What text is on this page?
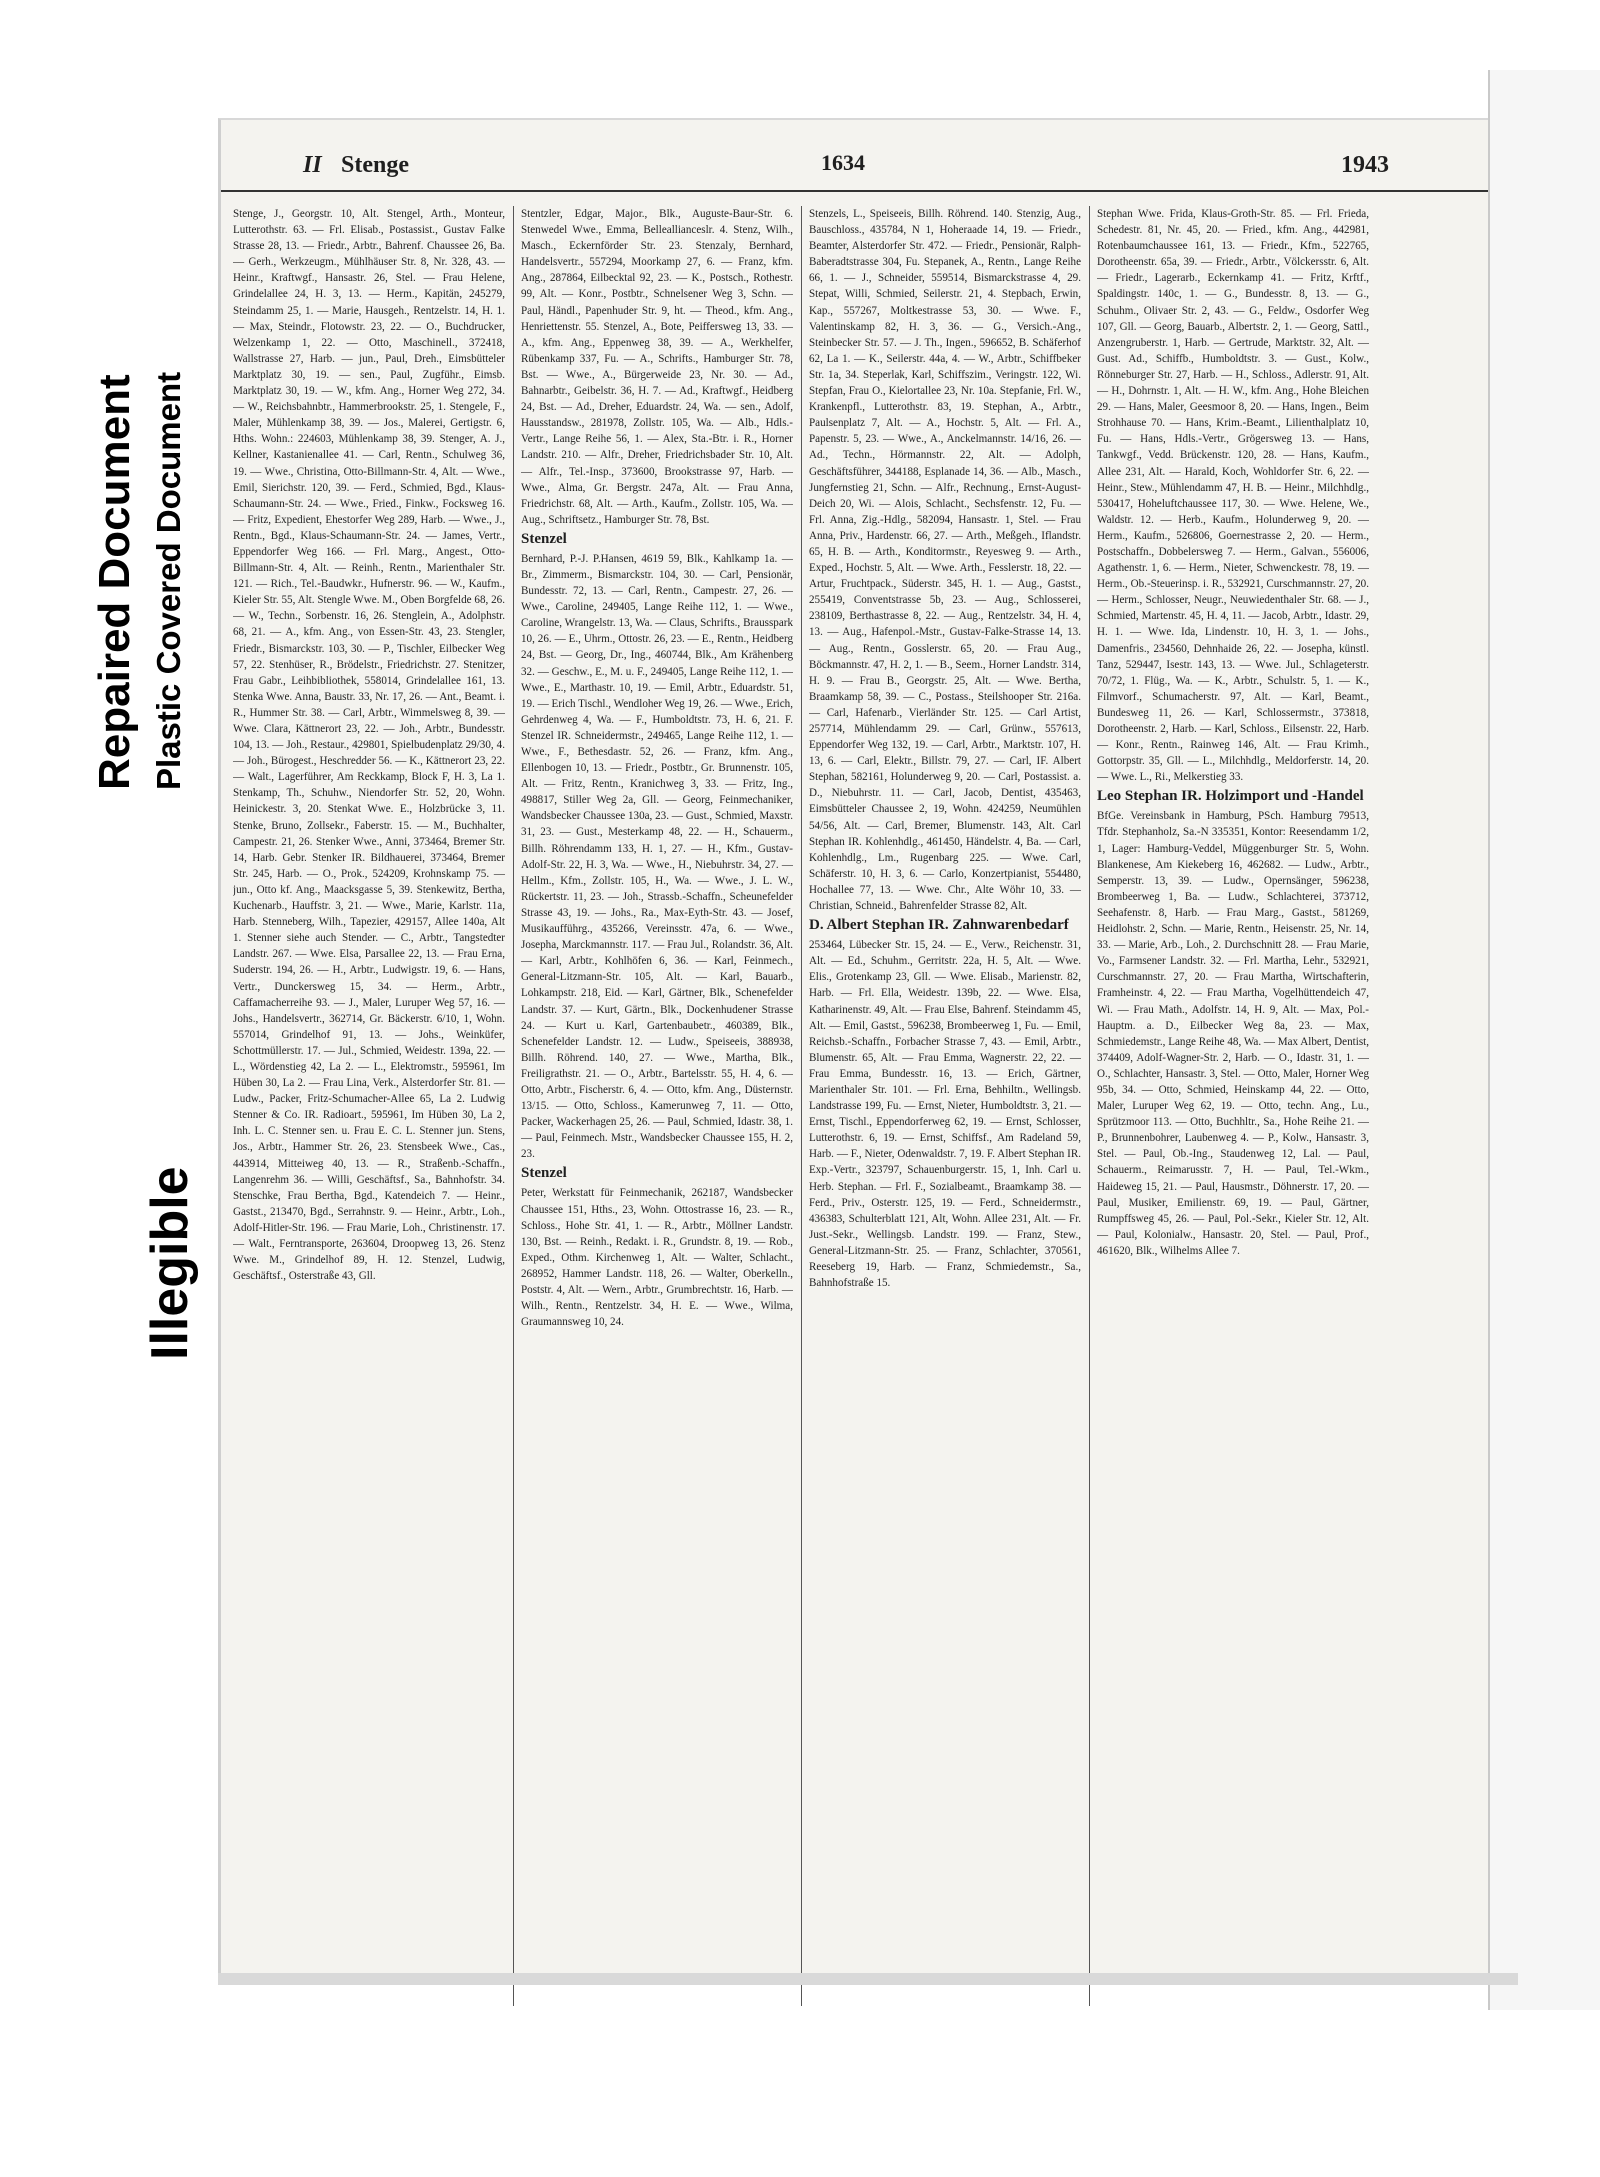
Repaired Document Plastic Covered Document
Illegible
II Stenge	1634	1943

Stenge, J., Georgstr. 10, Alt. Stengel, Arth., Monteur, Lutterothstr. 63. — Frl. Elisab., Postassist., Gustav Falke Strasse 28, 13. — Friedr., Arbtr., Bahrenf. Chaussee 26, Ba. — Gerh., Werkzeugm., Mühlhäuser Str. 8, Nr. 328, 43. — Heinr., Kraftwgf., Hansastr. 26, Stel. — Frau Helene, Grindelallee 24, H. 3, 13. — Herm., Kapitän, 245279, Steindamm 25, 1. — Marie, Hausgeh., Rentzelstr. 14, H. 1. — Max, Steindr., Flotowstr. 23, 22. — O., Buchdrucker, Welzenkamp 1, 22. — Otto, Maschinell., 372418, Wallstrasse 27, Harb. — jun., Paul, Dreh., Eimsbütteler Marktplatz 30, 19. — sen., Paul, Zugführ., Eimsb. Marktplatz 30, 19. — W., kfm. Ang., Horner Weg 272, 34. — W., Reichsbahnbtr., Hammerbrookstr. 25, 1. Stengele, F., Maler, Mühlenkamp 38, 39. — Jos., Malerei, Gertigstr. 6, Hths. Wohn.: 224603, Mühlenkamp 38, 39. Stenger, A. J., Kellner, Kastanienallee 41. — Carl, Rentn., Schulweg 36, 19. — Wwe., Christina, Otto-Billmann-Str. 4, Alt. — Wwe., Emil, Sierichstr. 120, 39. — Ferd., Schmied, Bgd., Klaus-Schaumann-Str. 24. — Wwe., Fried., Finkw., Focksweg 16. — Fritz, Expedient, Ehestorfer Weg 289, Harb. — Wwe., J., Rentn., Bgd., Klaus-Schaumann-Str. 24. — James, Vertr., Eppendorfer Weg 166. — Frl. Marg., Angest., Otto-Billmann-Str. 4, Alt. — Reinh., Rentn., Marienthaler Str. 121. — Rich., Tel.-Baudwkr., Hufnerstr. 96. — W., Kaufm., Kieler Str. 55, Alt. Stengle Wwe. M., Oben Borgfelde 68, 26. — W., Techn., Sorbenstr. 16, 26. Stenglein, A., Adolphstr. 68, 21. — A., kfm. Ang., von Essen-Str. 43, 23. Stengler, Friedr., Bismarckstr. 103, 30. — P., Tischler, Eilbecker Weg 57, 22. Stenhüser, R., Brödelstr., Friedrichstr. 27. Stenitzer, Frau Gabr., Leihbibliothek, 558014, Grindelallee 161, 13. Stenka Wwe. Anna, Baustr. 33, Nr. 17, 26. — Ant., Beamt. i. R., Hummer Str. 38. — Carl, Arbtr., Wimmelsweg 8, 39. — Wwe. Clara, Kättnerort 23, 22. — Joh., Arbtr., Bundesstr. 104, 13. — Joh., Restaur., 429801, Spielbudenplatz 29/30, 4. — Joh., Bürogest., Heschredder 56. — K., Kättnerort 23, 22. — Walt., Lagerführer, Am Reckkamp, Block F, H. 3, La 1. Stenkamp, Th., Schuhw., Niendorfer Str. 52, 20, Wohn. Heinickestr. 3, 20. Stenkat Wwe. E., Holzbrücke 3, 11. Stenke, Bruno, Zollsekr., Faberstr. 15. — M., Buchhalter, Campestr. 21, 26. Stenker Wwe., Anni, 373464, Bremer Str. 14, Harb. Gebr. Stenker IR. Bildhauerei, 373464, Bremer Str. 245, Harb. — O., Prok., 524209, Krohnskamp 75. — jun., Otto kf. Ang., Maacksgasse 5, 39. Stenkewitz, Bertha, Kuchenarb., Hauffstr. 3, 21. — Wwe., Marie, Karlstr. 11a, Harb. Stenneberg, Wilh., Tapezier, 429157, Allee 140a, Alt 1. Stenner siehe auch Stender. — C., Arbtr., Tangstedter Landstr. 267. — Wwe. Elsa, Parsallee 22, 13. — Frau Erna, Suderstr. 194, 26. — H., Arbtr., Ludwigstr. 19, 6. — Hans, Vertr., Dunckersweg 15, 34. — Herm., Arbtr., Caffamacherreihe 93. — J., Maler, Luruper Weg 57, 16. — Johs., Handelsvertr., 362714, Gr. Bäckerstr. 6/10, 1, Wohn. 557014, Grindelhof 91, 13. — Johs., Weinküfer, Schottmüllerstr. 17. — Jul., Schmied, Weidestr. 139a, 22. — L., Wördenstieg 42, La 2. — L., Elektromstr., 595961, Im Hüben 30, La 2. — Frau Lina, Verk., Alsterdorfer Str. 81. — Ludw., Packer, Fritz-Schumacher-Allee 65, La 2. Ludwig Stenner & Co. IR. Radioart., 595961, Im Hüben 30, La 2, Inh. L. C. Stenner sen. u. Frau E. C. L. Stenner jun. Stens, Jos., Arbtr., Hammer Str. 26, 23. Stensbeek Wwe., Cas., 443914, Mitteiweg 40, 13. — R., Straßenb.-Schaffn., Langenrehm 36. — Willi, Geschäftsf., Sa., Bahnhofstr. 34. Stenschke, Frau Bertha, Bgd., Katendeich 7. — Heinr., Gastst., 213470, Bgd., Serrahnstr. 9. — Heinr., Arbtr., Loh., Adolf-Hitler-Str. 196. — Frau Marie, Loh., Christinenstr. 17. — Walt., Ferntransporte, 263604, Droopweg 13, 26. Stenz Wwe. M., Grindelhof 89, H. 12. Stenzel, Ludwig, Geschäftsf., Osterstraße 43, Gll.

Stentzler, Edgar, Major., Blk., Auguste-Baur-Str. 6. Stenwedel Wwe., Emma, Belleallianceslr. 4. Stenz, Wilh., Masch., Eckernförder Str. 23. Stenzaly, Bernhard, Handelsvertr., 557294, Moorkamp 27, 6. — Franz, kfm. Ang., 287864, Eilbecktal 92, 23. — K., Postsch., Rothestr. 99, Alt. — Konr., Postbtr., Schnelsener Weg 3, Schn. — Paul, Händl., Papenhuder Str. 9, ht. — Theod., kfm. Ang., Henriettenstr. 55. Stenzel, A., Bote, Peiffersweg 13, 33. — A., kfm. Ang., Eppenweg 38, 39. — A., Werkhelfer, Rübenkamp 337, Fu. — A., Schrifts., Hamburger Str. 78, Bst. — Wwe., A., Bürgerweide 23, Nr. 30. — Ad., Bahnarbtr., Geibelstr. 36, H. 7. — Ad., Kraftwgf., Heidberg 24, Bst. — Ad., Dreher, Eduardstr. 24, Wa. — sen., Adolf, Hausstandsw., 281978, Zollstr. 105, Wa. — Alb., Hdls.-Vertr., Lange Reihe 56, 1. — Alex, Sta.-Btr. i. R., Horner Landstr. 210. — Alfr., Dreher, Friedrichsbader Str. 10, Alt. — Alfr., Tel.-Insp., 373600, Brookstrasse 97, Harb. — Wwe., Alma, Gr. Bergstr. 247a, Alt. — Frau Anna, Friedrichstr. 68, Alt. — Arth., Kaufm., Zollstr. 105, Wa. — Aug., Schriftsetz., Hamburger Str. 78, Bst.

Stenzel

Bernhard, P.-J. P.Hansen, 4619 59, Blk., Kahlkamp 1a. — Br., Zimmerm., Bismarckstr. 104, 30. — Carl, Pensionär, Bundesstr. 72, 13. — Carl, Rentn., Campestr. 27, 26. — Wwe., Caroline, 249405, Lange Reihe 112, 1. — Wwe., Caroline, Wrangelstr. 13, Wa. — Claus, Schrifts., Brausspark 10, 26. — E., Uhrm., Ottostr. 26, 23. — E., Rentn., Heidberg 24, Bst. — Georg, Dr., Ing., 460744, Blk., Am Krähenberg 32. — Geschw., E., M. u. F., 249405, Lange Reihe 112, 1. — Wwe., E., Marthastr. 10, 19. — Emil, Arbtr., Eduardstr. 51, 19. — Erich Tischl., Wendloher Weg 19, 26. — Wwe., Erich, Gehrdenweg 4, Wa. — F., Humboldtstr. 73, H. 6, 21. F. Stenzel IR. Schneidermstr., 249465, Lange Reihe 112, 1. — Wwe., F., Bethesdastr. 52, 26. — Franz, kfm. Ang., Ellenbogen 10, 13. — Friedr., Postbtr., Gr. Brunnenstr. 105, Alt. — Fritz, Rentn., Kranichweg 3, 33. — Fritz, Ing., 498817, Stiller Weg 2a, Gll. — Georg, Feinmechaniker, Wandsbecker Chaussee 130a, 23. — Gust., Schmied, Maxstr. 31, 23. — Gust., Mesterkamp 48, 22. — H., Schauerm., Billh. Röhrendamm 133, H. 1, 27. — H., Kfm., Gustav-Adolf-Str. 22, H. 3, Wa. — Wwe., H., Niebuhrstr. 34, 27. — Hellm., Kfm., Zollstr. 105, H., Wa. — Wwe., J. L. W., Rückertstr. 11, 23. — Joh., Strassb.-Schaffn., Scheunefelder Strasse 43, 19. — Johs., Ra., Max-Eyth-Str. 43. — Josef, Musikaufführg., 435266, Vereinsstr. 47a, 6. — Wwe., Josepha, Marckmannstr. 117. — Frau Jul., Rolandstr. 36, Alt. — Karl, Arbtr., Kohlhöfen 6, 36. — Karl, Feinmech., General-Litzmann-Str. 105, Alt. — Karl, Bauarb., Lohkampstr. 218, Eid. — Karl, Gärtner, Blk., Schenefelder Landstr. 37. — Kurt, Gärtn., Blk., Dockenhudener Strasse 24. — Kurt u. Karl, Gartenbaubetr., 460389, Blk., Schenefelder Landstr. 12. — Ludw., Speiseeis, 388938, Billh. Röhrend. 140, 27. — Wwe., Martha, Blk., Freiligrathstr. 21. — O., Arbtr., Bartelsstr. 55, H. 4, 6. — Otto, Arbtr., Fischerstr. 6, 4. — Otto, kfm. Ang., Düsternstr. 13/15. — Otto, Schloss., Kamerunweg 7, 11. — Otto, Packer, Wackerhagen 25, 26. — Paul, Schmied, Idastr. 38, 1. — Paul, Feinmech. Mstr., Wandsbecker Chaussee 155, H. 2, 23.

Stenzel

Peter, Werkstatt für Feinmechanik, 262187, Wandsbecker Chaussee 151, Hths., 23, Wohn. Ottostrasse 16, 23. — R., Schloss., Hohe Str. 41, 1. — R., Arbtr., Möllner Landstr. 130, Bst. — Reinh., Redakt. i. R., Grundstr. 8, 19. — Rob., Exped., Othm. Kirchenweg 1, Alt. — Walter, Schlacht., 268952, Hammer Landstr. 118, 26. — Walter, Oberkelln., Poststr. 4, Alt. — Wern., Arbtr., Grumbrechtstr. 16, Harb. — Wilh., Rentn., Rentzelstr. 34, H. E. — Wwe., Wilma, Graumannsweg 10, 24.

Stenzels, L., Speiseeis, Billh. Röhrend. 140. Stenzig, Aug., Bauschloss., 435784, N 1, Hoheraade 14, 19. — Friedr., Beamter, Alsterdorfer Str. 472. — Friedr., Pensionär, Ralph-Baberadtstrasse 304, Fu. Stepanek, A., Rentn., Lange Reihe 66, 1. — J., Schneider, 559514, Bismarckstrasse 4, 29. Stepat, Willi, Schmied, Seilerstr. 21, 4. Stepbach, Erwin, Kap., 557267, Moltkestrasse 53, 30. — Wwe. F., Valentinskamp 82, H. 3, 36. — G., Versich.-Ang., Steinbecker Str. 57. — J. Th., Ingen., 596652, B. Schäferhof 62, La 1. — K., Seilerstr. 44a, 4. — W., Arbtr., Schiffbeker Str. 1a, 34. Steperlak, Karl, Schiffszim., Veringstr. 122, Wi. Stepfan, Frau O., Kielortallee 23, Nr. 10a. Stepfanie, Frl. W., Krankenpfl., Lutterothstr. 83, 19. Stephan, A., Arbtr., Paulsenplatz 7, Alt. — A., Hochstr. 5, Alt. — Frl. A., Papenstr. 5, 23. — Wwe., A., Anckelmannstr. 14/16, 26. — Ad., Techn., Hörmannstr. 22, Alt. — Adolph, Geschäftsführer, 344188, Esplanade 14, 36. — Alb., Masch., Jungfernstieg 21, Schn. — Alfr., Rechnung., Ernst-August-Deich 20, Wi. — Alois, Schlacht., Sechsfenstr. 12, Fu. — Frl. Anna, Zig.-Hdlg., 582094, Hansastr. 1, Stel. — Frau Anna, Priv., Hardenstr. 66, 27. — Arth., Meßgeh., Iflandstr. 65, H. B. — Arth., Konditormstr., Reyesweg 9. — Arth., Exped., Hochstr. 5, Alt. — Wwe. Arth., Fesslerstr. 18, 22. — Artur, Fruchtpack., Süderstr. 345, H. 1. — Aug., Gastst., 255419, Conventstrasse 5b, 23. — Aug., Schlosserei, 238109, Berthastrasse 8, 22. — Aug., Rentzelstr. 34, H. 4, 13. — Aug., Hafenpol.-Mstr., Gustav-Falke-Strasse 14, 13. — Aug., Rentn., Gosslerstr. 65, 20. — Frau Aug., Böckmannstr. 47, H. 2, 1. — B., Seem., Horner Landstr. 314, H. 9. — Frau B., Georgstr. 25, Alt. — Wwe. Bertha, Braamkamp 58, 39. — C., Postass., Steilshooper Str. 216a. — Carl, Hafenarb., Vierländer Str. 125. — Carl Artist, 257714, Mühlendamm 29. — Carl, Grünw., 557613, Eppendorfer Weg 132, 19. — Carl, Arbtr., Marktstr. 107, H. 13, 6. — Carl, Elektr., Billstr. 79, 27. — Carl, IF. Albert Stephan, 582161, Holunderweg 9, 20. — Carl, Postassist. a. D., Niebuhrstr. 11. — Carl, Jacob, Dentist, 435463, Eimsbütteler Chaussee 2, 19, Wohn. 424259, Neumühlen 54/56, Alt. — Carl, Bremer, Blumenstr. 143, Alt. Carl Stephan IR. Kohlenhdlg., 461450, Händelstr. 4, Ba. — Carl, Kohlenhdlg., Lm., Rugenbarg 225. — Wwe. Carl, Schäferstr. 10, H. 3, 6. — Carlo, Konzertpianist, 554480, Hochallee 77, 13. — Wwe. Chr., Alte Wöhr 10, 33. — Christian, Schneid., Bahrenfelder Strasse 82, Alt.

D. Albert Stephan IR. Zahnwarenbedarf

253464, Lübecker Str. 15, 24. — E., Verw., Reichenstr. 31, Alt. — Ed., Schuhm., Gerritstr. 22a, H. 5, Alt. — Wwe. Elis., Grotenkamp 23, Gll. — Wwe. Elisab., Marienstr. 82, Harb. — Frl. Ella, Weidestr. 139b, 22. — Wwe. Elsa, Katharinenstr. 49, Alt. — Frau Else, Bahrenf. Steindamm 45, Alt. — Emil, Gastst., 596238, Brombeerweg 1, Fu. — Emil, Reichsb.-Schaffn., Forbacher Strasse 7, 43. — Emil, Arbtr., Blumenstr. 65, Alt. — Frau Emma, Wagnerstr. 22, 22. — Frau Emma, Bundesstr. 16, 13. — Erich, Gärtner, Marienthaler Str. 101. — Frl. Erna, Behhiltn., Wellingsb. Landstrasse 199, Fu. — Ernst, Nieter, Humboldtstr. 3, 21. — Ernst, Tischl., Eppendorferweg 62, 19. — Ernst, Schlosser, Lutterothstr. 6, 19. — Ernst, Schiffsf., Am Radeland 59, Harb. — F., Nieter, Odenwaldstr. 7, 19. F. Albert Stephan IR. Exp.-Vertr., 323797, Schauenburgerstr. 15, 1, Inh. Carl u. Herb. Stephan. — Frl. F., Sozialbeamt., Braamkamp 38. — Ferd., Priv., Osterstr. 125, 19. — Ferd., Schneidermstr., 436383, Schulterblatt 121, Alt, Wohn. Allee 231, Alt. — Fr. Just.-Sekr., Wellingsb. Landstr. 199. — Franz, Stew., General-Litzmann-Str. 25. — Franz, Schlachter, 370561, Reeseberg 19, Harb. — Franz, Schmiedemstr., Sa., Bahnhofstraße 15.

Stephan Wwe. Frida, Klaus-Groth-Str. 85. — Frl. Frieda, Schedestr. 81, Nr. 45, 20. — Fried., kfm. Ang., 442981, Rotenbaumchaussee 161, 13. — Friedr., Kfm., 522765, Dorotheenstr. 65a, 39. — Friedr., Arbtr., Völckersstr. 6, Alt. — Friedr., Lagerarb., Eckernkamp 41. — Fritz, Krftf., Spaldingstr. 140c, 1. — G., Bundesstr. 8, 13. — G., Schuhm., Olivaer Str. 2, 43. — G., Feldw., Osdorfer Weg 107, Gll. — Georg, Bauarb., Albertstr. 2, 1. — Georg, Sattl., Anzengruberstr. 1, Harb. — Gertrude, Marktstr. 32, Alt. — Gust. Ad., Schiffb., Humboldtstr. 3. — Gust., Kolw., Rönneburger Str. 27, Harb. — H., Schloss., Adlerstr. 91, Alt. — H., Dohrnstr. 1, Alt. — H. W., kfm. Ang., Hohe Bleichen 29. — Hans, Maler, Geesmoor 8, 20. — Hans, Ingen., Beim Strohhause 70. — Hans, Krim.-Beamt., Lilienthalplatz 10, Fu. — Hans, Hdls.-Vertr., Grögersweg 13. — Hans, Tankwgf., Vedd. Brückenstr. 120, 28. — Hans, Kaufm., Allee 231, Alt. — Harald, Koch, Wohldorfer Str. 6, 22. — Heinr., Stew., Mühlendamm 47, H. B. — Heinr., Milchhdlg., 530417, Hoheluftchaussee 117, 30. — Wwe. Helene, We., Waldstr. 12. — Herb., Kaufm., Holunderweg 9, 20. — Herm., Kaufm., 526806, Goernestrasse 2, 20. — Herm., Postschaffn., Dobbelersweg 7. — Herm., Galvan., 556006, Agathenstr. 1, 6. — Herm., Nieter, Schwenckestr. 78, 19. — Herm., Ob.-Steuerinsp. i. R., 532921, Curschmannstr. 27, 20. — Herm., Schlosser, Neugr., Neuwiedenthaler Str. 68. — J., Schmied, Martenstr. 45, H. 4, 11. — Jacob, Arbtr., Idastr. 29, H. 1. — Wwe. Ida, Lindenstr. 10, H. 3, 1. — Johs., Damenfris., 234560, Dehnhaide 26, 22. — Josepha, künstl. Tanz, 529447, Isestr. 143, 13. — Wwe. Jul., Schlageterstr. 70/72, 1. Flüg., Wa. — K., Arbtr., Schulstr. 5, 1. — K., Filmvorf., Schumacherstr. 97, Alt. — Karl, Beamt., Bundesweg 11, 26. — Karl, Schlossermstr., 373818, Dorotheenstr. 2, Harb. — Karl, Schloss., Eilsenstr. 22, Harb. — Konr., Rentn., Rainweg 146, Alt. — Frau Krimh., Gottorpstr. 35, Gll. — L., Milchhdlg., Meldorferstr. 14, 20. — Wwe. L., Ri., Melkerstieg 33.

Leo Stephan IR. Holzimport und -Handel

BfGe. Vereinsbank in Hamburg, PSch. Hamburg 79513, Tfdr. Stephanholz, Sa.-N 335351, Kontor: Reesendamm 1/2, 1, Lager: Hamburg-Veddel, Müggenburger Str. 5, Wohn. Blankenese, Am Kiekeberg 16, 462682. — Ludw., Arbtr., Semperstr. 13, 39. — Ludw., Opernsänger, 596238, Brombeerweg 1, Ba. — Ludw., Schlachterei, 373712, Seehafenstr. 8, Harb. — Frau Marg., Gastst., 581269, Heidlohstr. 2, Schn. — Marie, Rentn., Heisenstr. 25, Nr. 14, 33. — Marie, Arb., Loh., 2. Durchschnitt 28. — Frau Marie, Vo., Farmsener Landstr. 32. — Frl. Martha, Lehr., 532921, Curschmannstr. 27, 20. — Frau Martha, Wirtschafterin, Framheinstr. 4, 22. — Frau Martha, Vogelhüttendeich 47, Wi. — Frau Math., Adolfstr. 14, H. 9, Alt. — Max, Pol.-Hauptm. a. D., Eilbecker Weg 8a, 23. — Max, Schmiedemstr., Lange Reihe 48, Wa. — Max Albert, Dentist, 374409, Adolf-Wagner-Str. 2, Harb. — O., Idastr. 31, 1. — O., Schlachter, Hansastr. 3, Stel. — Otto, Maler, Horner Weg 95b, 34. — Otto, Schmied, Heinskamp 44, 22. — Otto, Maler, Luruper Weg 62, 19. — Otto, techn. Ang., Lu., Sprützmoor 113. — Otto, Buchhltr., Sa., Hohe Reihe 21. — P., Brunnenbohrer, Laubenweg 4. — P., Kolw., Hansastr. 3, Stel. — Paul, Ob.-Ing., Staudenweg 12, Lal. — Paul, Schauerm., Reimarusstr. 7, H. — Paul, Tel.-Wkm., Haideweg 15, 21. — Paul, Hausmstr., Döhnerstr. 17, 20. — Paul, Musiker, Emilienstr. 69, 19. — Paul, Gärtner, Rumpffsweg 45, 26. — Paul, Pol.-Sekr., Kieler Str. 12, Alt. — Paul, Kolonialw., Hansastr. 20, Stel. — Paul, Prof., 461620, Blk., Wilhelms Allee 7.
